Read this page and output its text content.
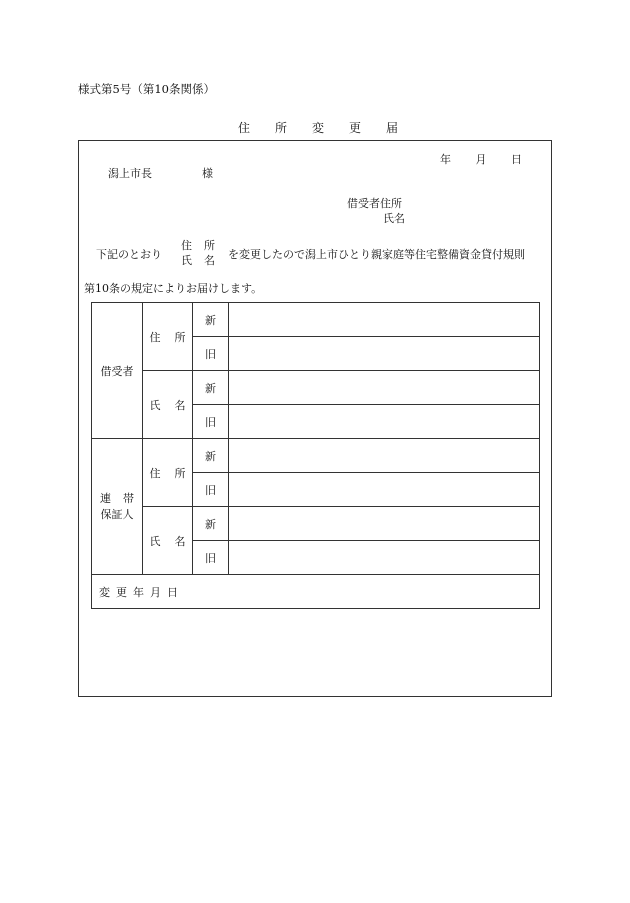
様式第5号（第10条関係）
住 所 変 更 届
年 月 日
潟上市長	様
借受者住所
氏名
下記のとおり
住 所
氏 名 を変更したので潟上市ひとり親家庭等住宅整備資金貸付規則
第10条の規定によりお届けします。
借受者	住 所	新	
		旧	

	氏 名	新	
		旧	

連 帯
保証人	住 所	新	
		旧	

	氏 名	新	
		旧	
変更年月日			
